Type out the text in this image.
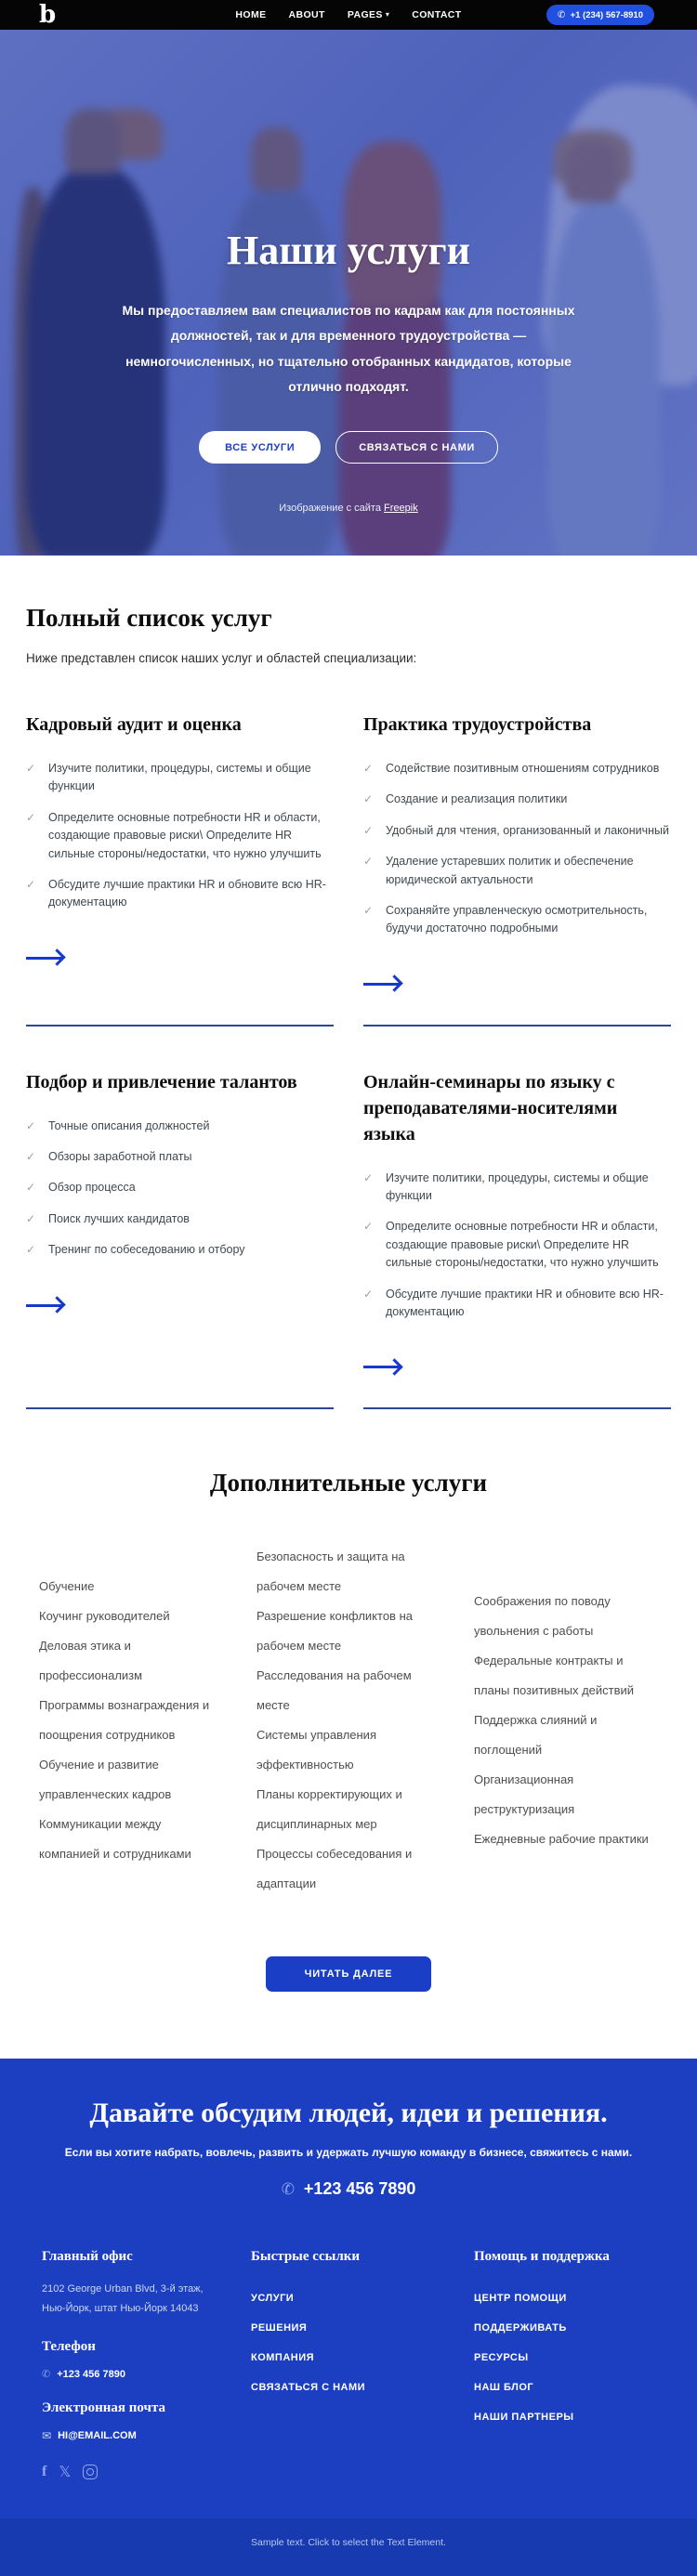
b	HOME ABOUT PAGES ▾ CONTACT	✆ +1 (234) 567-8910
Наши услуги

Мы предоставляем вам специалистов по кадрам как для постоянных должностей, так и для временного трудоустройства — немногочисленных, но тщательно отобранных кандидатов, которые отлично подходят.

ВСЕ УСЛУГИ	СВЯЗАТЬСЯ С НАМИ
Изображение с сайта Freepik
Полный список услуг

Ниже представлен список наших услуг и областей специализации:

Кадровый аудит и оценка
✓	Изучите политики, процедуры, системы и общие функции
✓	Определите основные потребности HR и области, создающие правовые риски\ Определите HR сильные стороны/недостатки, что нужно улучшить
✓	Обсудите лучшие практики HR и обновите всю HR-документацию
Практика трудоустройства
✓	Содействие позитивным отношениям сотрудников
✓	Создание и реализация политики
✓	Удобный для чтения, организованный и лаконичный
✓	Удаление устаревших политик и обеспечение юридической актуальности
✓	Сохраняйте управленческую осмотрительность, будучи достаточно подробными
Подбор и привлечение талантов
✓	Точные описания должностей
✓	Обзоры заработной платы
✓	Обзор процесса
✓	Поиск лучших кандидатов
✓	Тренинг по собеседованию и отбору
Онлайн-семинары по языку с преподавателями-носителями языка
✓	Изучите политики, процедуры, системы и общие функции
✓	Определите основные потребности HR и области, создающие правовые риски\ Определите HR сильные стороны/недостатки, что нужно улучшить
✓	Обсудите лучшие практики HR и обновите всю HR-документацию
Дополнительные услуги
Обучение
Коучинг руководителей
Деловая этика и профессионализм
Программы вознаграждения и поощрения сотрудников
Обучение и развитие управленческих кадров
Коммуникации между компанией и сотрудниками
Безопасность и защита на рабочем месте
Разрешение конфликтов на рабочем месте
Расследования на рабочем месте
Системы управления эффективностью
Планы корректирующих и дисциплинарных мер
Процессы собеседования и адаптации
Соображения по поводу увольнения с работы
Федеральные контракты и планы позитивных действий
Поддержка слияний и поглощений
Организационная реструктуризация
Ежедневные рабочие практики
ЧИТАТЬ ДАЛЕЕ
Давайте обсудим людей, идеи и решения.

Если вы хотите набрать, вовлечь, развить и удержать лучшую команду в бизнесе, свяжитесь с нами.

✆ +123 456 7890
Главный офис
2102 George Urban Blvd, 3-й этаж, Нью-Йорк, штат Нью-Йорк 14043
Телефон
✆ +123 456 7890
Электронная почта
✉ HI@EMAIL.COM
f 𝕏
Быстрые ссылки
УСЛУГИ
РЕШЕНИЯ
КОМПАНИЯ
СВЯЗАТЬСЯ С НАМИ
Помощь и поддержка
ЦЕНТР ПОМОЩИ
ПОДДЕРЖИВАТЬ
РЕСУРСЫ
НАШ БЛОГ
НАШИ ПАРТНЕРЫ
Sample text. Click to select the Text Element.
